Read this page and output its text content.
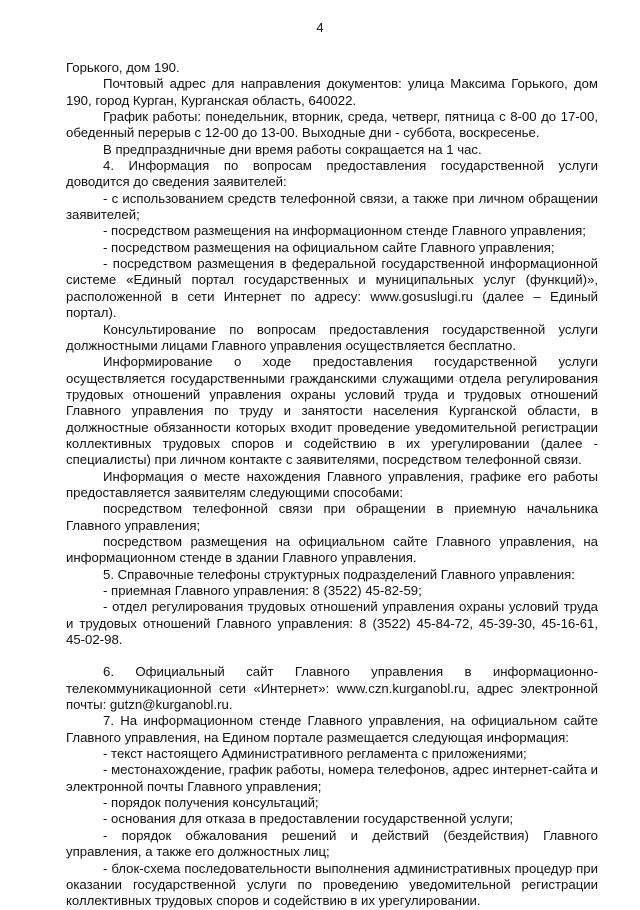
4

Горького, дом 190.

Почтовый адрес для направления документов: улица Максима Горького, дом 190, город Курган, Курганская область, 640022.

График работы: понедельник, вторник, среда, четверг, пятница с 8-00 до 17-00, обеденный перерыв с 12-00 до 13-00. Выходные дни - суббота, воскресенье.

В предпраздничные дни время работы сокращается на 1 час.

4. Информация по вопросам предоставления государственной услуги доводится до сведения заявителей:

- с использованием средств телефонной связи, а также при личном обращении заявителей;

- посредством размещения на информационном стенде Главного управления;

- посредством размещения на официальном сайте Главного управления;

- посредством размещения в федеральной государственной информационной системе «Единый портал государственных и муниципальных услуг (функций)», расположенной в сети Интернет по адресу: www.gosuslugi.ru (далее – Единый портал).

Консультирование по вопросам предоставления государственной услуги должностными лицами Главного управления осуществляется бесплатно.

Информирование о ходе предоставления государственной услуги осуществляется государственными гражданскими служащими отдела регулирования трудовых отношений управления охраны условий труда и трудовых отношений Главного управления по труду и занятости населения Курганской области, в должностные обязанности которых входит проведение уведомительной регистрации коллективных трудовых споров и содействию в их урегулировании (далее - специалисты) при личном контакте с заявителями, посредством телефонной связи.

Информация о месте нахождения Главного управления, графике его работы предоставляется заявителям следующими способами:

посредством телефонной связи при обращении в приемную начальника Главного управления;

посредством размещения на официальном сайте Главного управления, на информационном стенде в здании Главного управления.

5. Справочные телефоны структурных подразделений Главного управления:

- приемная Главного управления: 8 (3522) 45-82-59;

- отдел регулирования трудовых отношений управления охраны условий труда и трудовых отношений Главного управления: 8 (3522) 45-84-72, 45-39-30, 45-16-61, 45-02-98.

6. Официальный сайт Главного управления в информационно-телекоммуникационной сети «Интернет»: www.czn.kurganobl.ru, адрес электронной почты: gutzn@kurganobl.ru.

7. На информационном стенде Главного управления, на официальном сайте Главного управления, на Едином портале размещается следующая информация:

- текст настоящего Административного регламента с приложениями;

- местонахождение, график работы, номера телефонов, адрес интернет-сайта и электронной почты Главного управления;

- порядок получения консультаций;

- основания для отказа в предоставлении государственной услуги;

- порядок обжалования решений и действий (бездействия) Главного управления, а также его должностных лиц;

- блок-схема последовательности выполнения административных процедур при оказании государственной услуги по проведению уведомительной регистрации коллективных трудовых споров и содействию в их урегулировании.
